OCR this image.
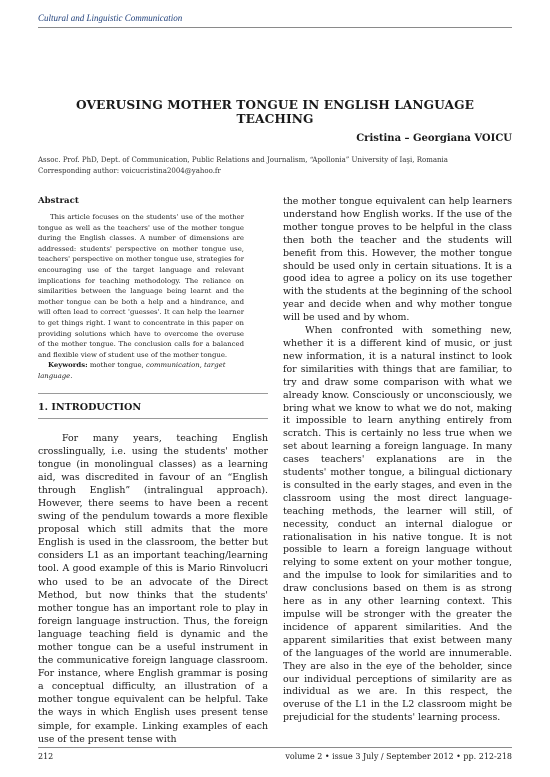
Cultural and Linguistic Communication
OVERUSING MOTHER TONGUE IN ENGLISH LANGUAGE TEACHING
Cristina – Georgiana VOICU
Assoc. Prof. PhD, Dept. of Communication, Public Relations and Journalism, “Apollonia” University of Iaşi, Romania
Corresponding author: voicucristina2004@yahoo.fr
Abstract

This article focuses on the students' use of the mother tongue as well as the teachers' use of the mother tongue during the English classes. A number of dimensions are addressed: students' perspective on mother tongue use, teachers' perspective on mother tongue use, strategies for encouraging use of the target language and relevant implications for teaching methodology. The reliance on similarities between the language being learnt and the mother tongue can be both a help and a hindrance, and will often lead to correct 'guesses'. It can help the learner to get things right. I want to concentrate in this paper on providing solutions which have to overcome the overuse of the mother tongue. The conclusion calls for a balanced and flexible view of student use of the mother tongue.

Keywords: mother tongue, communication, target language.

1. INTRODUCTION

For many years, teaching English crosslingually, i.e. using the students' mother tongue (in monolingual classes) as a learning aid, was discredited in favour of an “English through English” (intralingual approach). However, there seems to have been a recent swing of the pendulum towards a more flexible proposal which still admits that the more English is used in the classroom, the better but considers L1 as an important teaching/learning tool. A good example of this is Mario Rinvolucri who used to be an advocate of the Direct Method, but now thinks that the students' mother tongue has an important role to play in foreign language instruction. Thus, the foreign language teaching field is dynamic and the mother tongue can be a useful instrument in the communicative foreign language classroom. For instance, where English grammar is posing a conceptual difficulty, an illustration of a mother tongue equivalent can be helpful. Take the ways in which English uses present tense simple, for example. Linking examples of each use of the present tense with

the mother tongue equivalent can help learners understand how English works. If the use of the mother tongue proves to be helpful in the class then both the teacher and the students will benefit from this. However, the mother tongue should be used only in certain situations. It is a good idea to agree a policy on its use together with the students at the beginning of the school year and decide when and why mother tongue will be used and by whom.

When confronted with something new, whether it is a different kind of music, or just new information, it is a natural instinct to look for similarities with things that are familiar, to try and draw some comparison with what we already know. Consciously or unconsciously, we bring what we know to what we do not, making it impossible to learn anything entirely from scratch. This is certainly no less true when we set about learning a foreign language. In many cases teachers' explanations are in the students' mother tongue, a bilingual dictionary is consulted in the early stages, and even in the classroom using the most direct language-teaching methods, the learner will still, of necessity, conduct an internal dialogue or rationalisation in his native tongue. It is not possible to learn a foreign language without relying to some extent on your mother tongue, and the impulse to look for similarities and to draw conclusions based on them is as strong here as in any other learning context. This impulse will be stronger with the greater the incidence of apparent similarities. And the apparent similarities that exist between many of the languages of the world are innumerable. They are also in the eye of the beholder, since our individual perceptions of similarity are as individual as we are. In this respect, the overuse of the L1 in the L2 classroom might be prejudicial for the students' learning process.

212	volume 2 • issue 3 July / September 2012 • pp. 212-218
